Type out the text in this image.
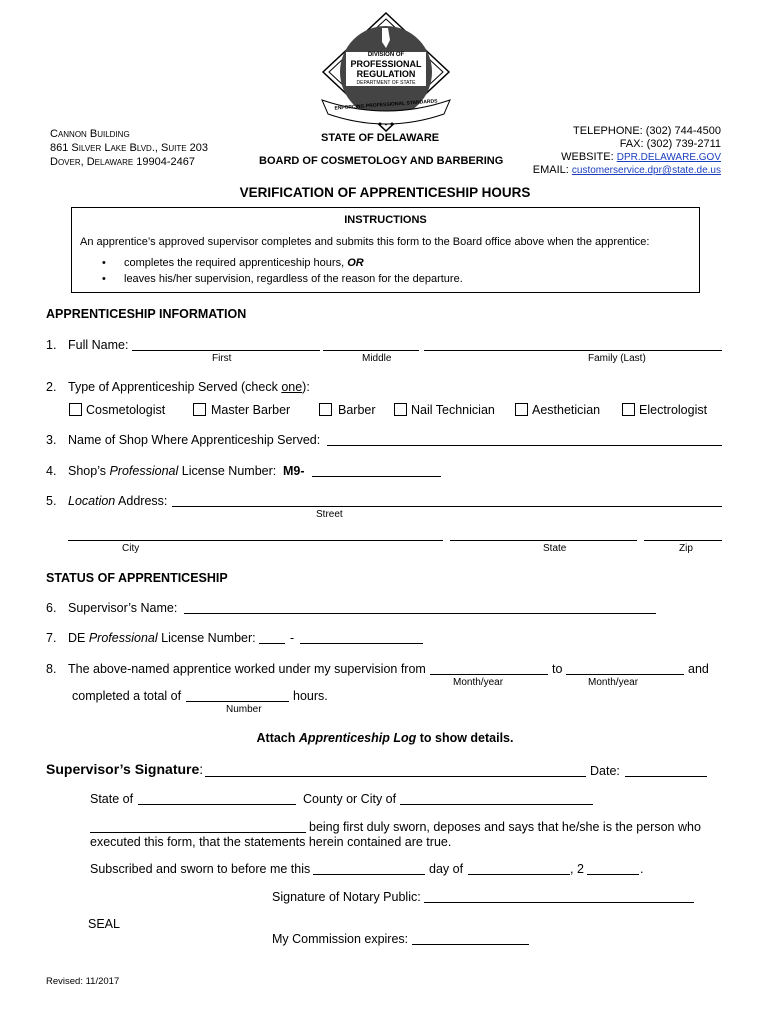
DIVISION OF
PROFESSIONAL
REGULATION
DEPARTMENT OF STATE
ENFORCING PROFESSIONAL STANDARDS
Cannon Building
861 Silver Lake Blvd., Suite 203
Dover, Delaware 19904-2467
STATE OF DELAWARE
BOARD OF COSMETOLOGY AND BARBERING
TELEPHONE: (302) 744-4500
FAX: (302) 739-2711
WEBSITE: DPR.DELAWARE.GOV
EMAIL: customerservice.dpr@state.de.us
VERIFICATION OF APPRENTICESHIP HOURS
INSTRUCTIONS
An apprentice’s approved supervisor completes and submits this form to the Board office above when the apprentice:
• completes the required apprenticeship hours, OR
• leaves his/her supervision, regardless of the reason for the departure.
APPRENTICESHIP INFORMATION
1. Full Name:
First	Middle	Family (Last)
2. Type of Apprenticeship Served (check one):
Cosmetologist	Master Barber	Barber	Nail Technician	Aesthetician	Electrologist
3. Name of Shop Where Apprenticeship Served:
4. Shop’s Professional License Number: M9-
5. Location Address:
Street
City	State	Zip
STATUS OF APPRENTICESHIP
6. Supervisor’s Name:
7. DE Professional License Number:	-
8. The above-named apprentice worked under my supervision from	to	and
Month/year	Month/year
completed a total of	hours.
Number
Attach Apprenticeship Log to show details.
Supervisor’s Signature:	Date:
State of	County or City of
being first duly sworn, deposes and says that he/she is the person who
executed this form, that the statements herein contained are true.
Subscribed and sworn to before me this	day of	, 2	.
Signature of Notary Public:
SEAL
My Commission expires:
Revised: 11/2017
